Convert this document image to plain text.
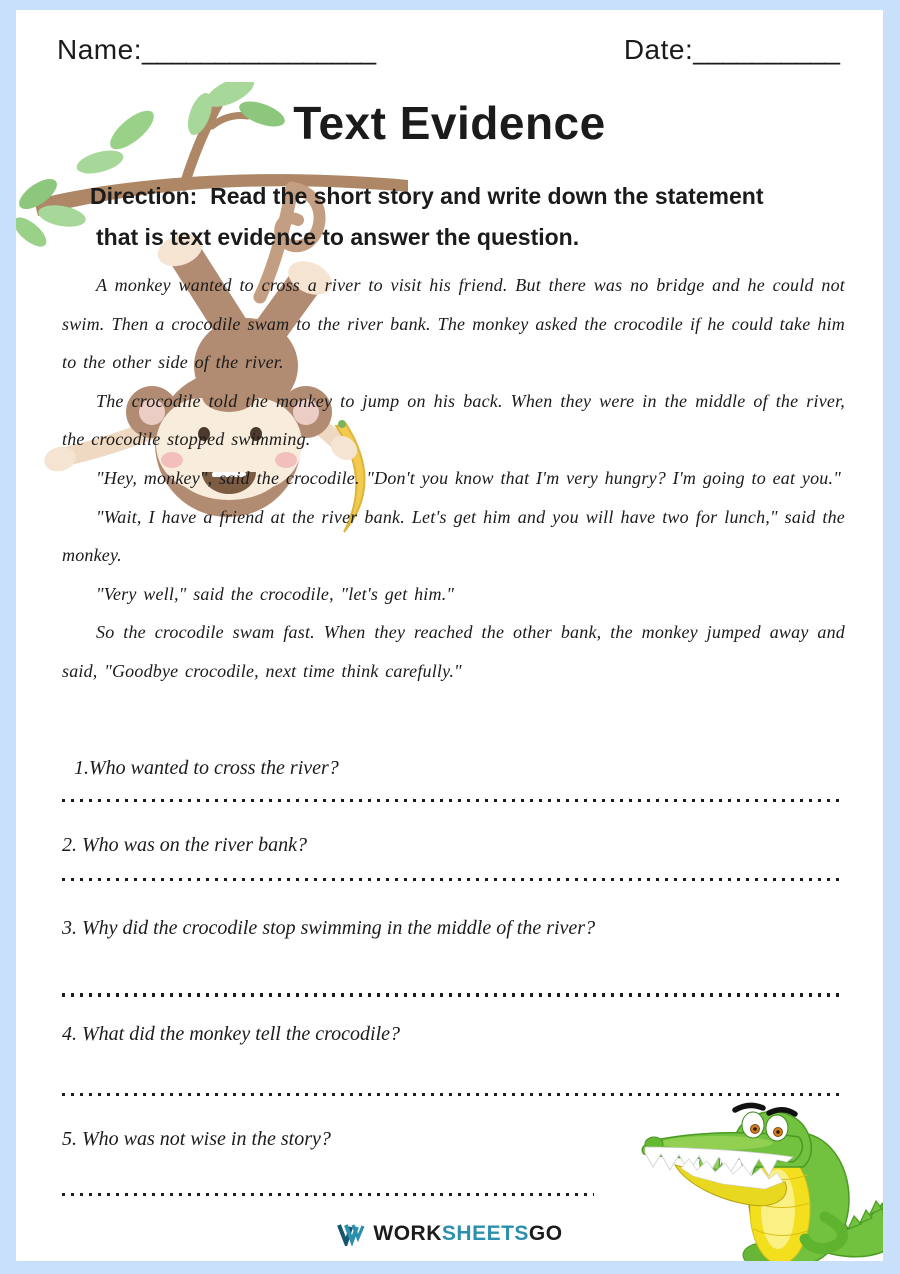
Name:________________	Date:__________
Text Evidence
Direction:  Read the short story and write down the statement
that is text evidence to answer the question.

A monkey wanted to cross a river to visit his friend. But there was no bridge and he could not swim. Then a crocodile swam to the river bank. The monkey asked the crocodile if he could take him to the other side of the river.

The crocodile told the monkey to jump on his back. When they were in the middle of the river, the crocodile stopped swimming.

"Hey, monkey", said the crocodile. "Don't you know that I'm very hungry? I'm going to eat you."

"Wait, I have a friend at the river bank. Let's get him and you will have two for lunch," said the monkey.

"Very well," said the crocodile, "let's get him."

So the crocodile swam fast. When they reached the other bank, the monkey jumped away and said, "Goodbye crocodile, next time think carefully."

1.Who wanted to cross the river?

2. Who was on the river bank?

3. Why did the crocodile stop swimming in the middle of the river?

4. What did the monkey tell the crocodile?

5. Who was not wise in the story?

WORKSHEETSGO
